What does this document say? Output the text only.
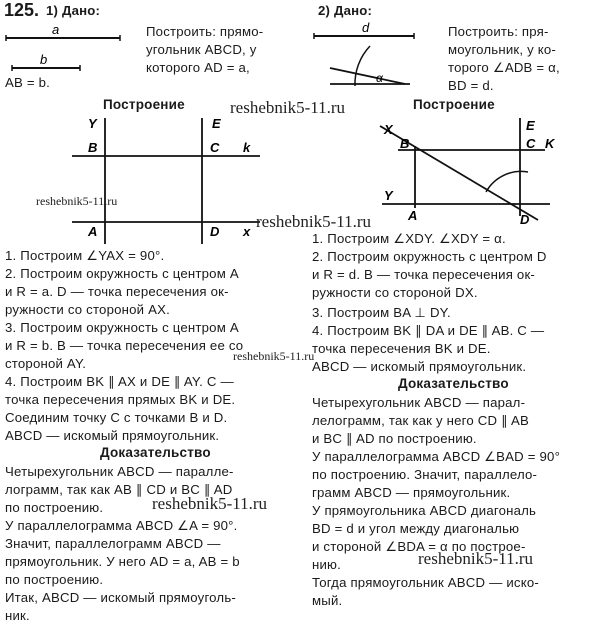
125. 1) Дано:	2) Дано:
a
b
AB = b.
Построить: прямо-
угольник ABCD, у
которого AD = a,
d
α
Построить: пря-
моугольник, у ко-
торого ∠ADB = α,
BD = d.
Построение	Построение
Y	E
B	C k
A	D x
X
B
E
C K
Y
A	D
1. Построим ∠YAX = 90°.
2. Построим окружность с центром A
и R = a. D — точка пересечения ок-
ружности со стороной AX.
3. Построим окружность с центром A
и R = b. B — точка пересечения ее со
стороной AY.
4. Построим BK ∥ AX и DE ∥ AY. C —
точка пересечения прямых BK и DE.
Соединим точку C с точками B и D.
ABCD — искомый прямоугольник.
Доказательство
Четырехугольник ABCD — паралле-
лограмм, так как AB ∥ CD и BC ∥ AD
по построению.
У параллелограмма ABCD ∠A = 90°.
Значит, параллелограмм ABCD —
прямоугольник. У него AD = a, AB = b
по построению.
Итак, ABCD — искомый прямоуголь-
ник.
1. Построим ∠XDY. ∠XDY = α.
2. Построим окружность с центром D
и R = d. B — точка пересечения ок-
ружности со стороной DX.
3. Построим BA ⊥ DY.
4. Построим BK ∥ DA и DE ∥ AB. C —
точка пересечения BK и DE.
ABCD — искомый прямоугольник.
Доказательство
Четырехугольник ABCD — парал-
лелограмм, так как у него CD ∥ AB
и BC ∥ AD по построению.
У параллелограмма ABCD ∠BAD = 90°
по построению. Значит, параллело-
грамм ABCD — прямоугольник.
У прямоугольника ABCD диагональ
BD = d и угол между диагональю
и стороной ∠BDA = α по построе-
нию.
Тогда прямоугольник ABCD — иско-
мый.
reshebnik5-11.ru
reshebnik5-11.ru
reshebnik5-11.ru
reshebnik5-11.ru
reshebnik5-11.ru
reshebnik5-11.ru
